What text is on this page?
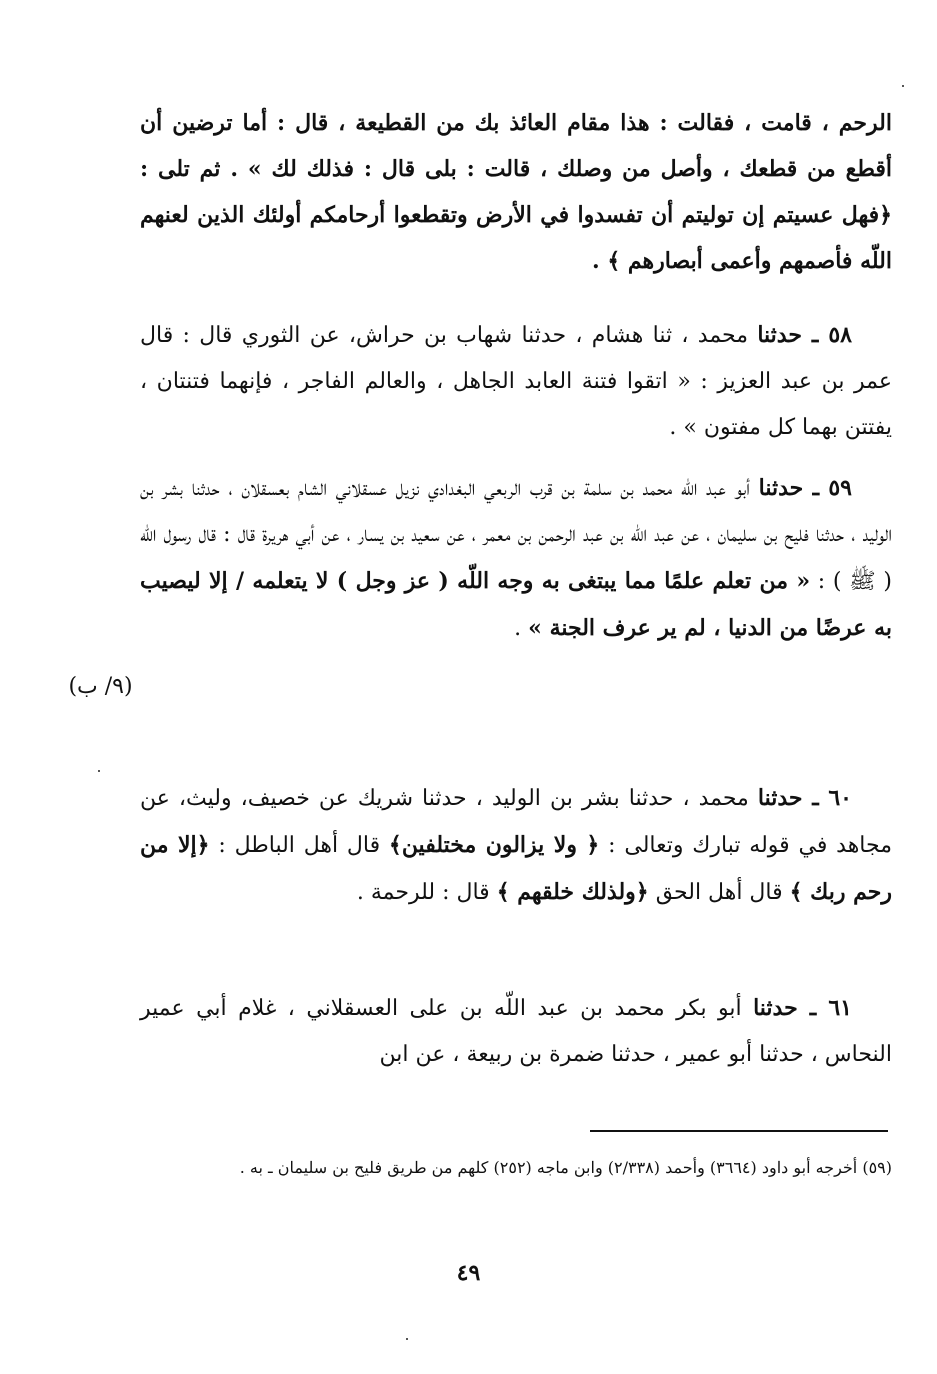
الرحم ، قامت ، فقالت : هذا مقام العائذ بك من القطيعة ، قال : أما ترضين أن أقطع من قطعك ، وأصل من وصلك ، قالت : بلى قال : فذلك لك » . ثم تلى : ﴿فهل عسيتم إن توليتم أن تفسدوا في الأرض وتقطعوا أرحامكم أولئك الذين لعنهم اللّه فأصمهم وأعمى أبصارهم ﴾ .

٥٨ ـ حدثنا محمد ، ثنا هشام ، حدثنا شهاب بن حراش، عن الثوري قال : قال عمر بن عبد العزيز : « اتقوا فتنة العابد الجاهل ، والعالم الفاجر ، فإنهما فتنتان ، يفتتن بهما كل مفتون » .

٥٩ ـ حدثنا أبو عبد اللّه محمد بن سلمة بن قرب الربعي البغدادي نزيل عسقلاني الشام بعسقلان ، حدثنا بشر بن الوليد ، حدثنا فليح بن سليمان ، عن عبد اللّه بن عبد الرحمن بن معمر ، عن سعيد بن يسار ، عن أبي هريرة قال : قال رسول اللّه ( ﷺ ) : « من تعلم علمًا مما يبتغى به وجه اللّه ( عز وجل ) لا يتعلمه / إلا ليصيب به عرضًا من الدنيا ، لم ير عرف الجنة » .

(٩/ ب)

٦٠ ـ حدثنا محمد ، حدثنا بشر بن الوليد ، حدثنا شريك عن خصيف، وليث، عن مجاهد في قوله تبارك وتعالى : ﴿ ولا يزالون مختلفين﴾ قال أهل الباطل : ﴿إلا من رحم ربك ﴾ قال أهل الحق ﴿ولذلك خلقهم ﴾ قال : للرحمة .

٦١ ـ حدثنا أبو بكر محمد بن عبد اللّه بن على العسقلاني ، غلام أبي عمير النحاس ، حدثنا أبو عمير ، حدثنا ضمرة بن ربيعة ، عن ابن

(٥٩) أخرجه أبو داود (٣٦٦٤) وأحمد (٢/٣٣٨) وابن ماجه (٢٥٢) كلهم من طريق فليح بن سليمان ـ به .
٤٩
